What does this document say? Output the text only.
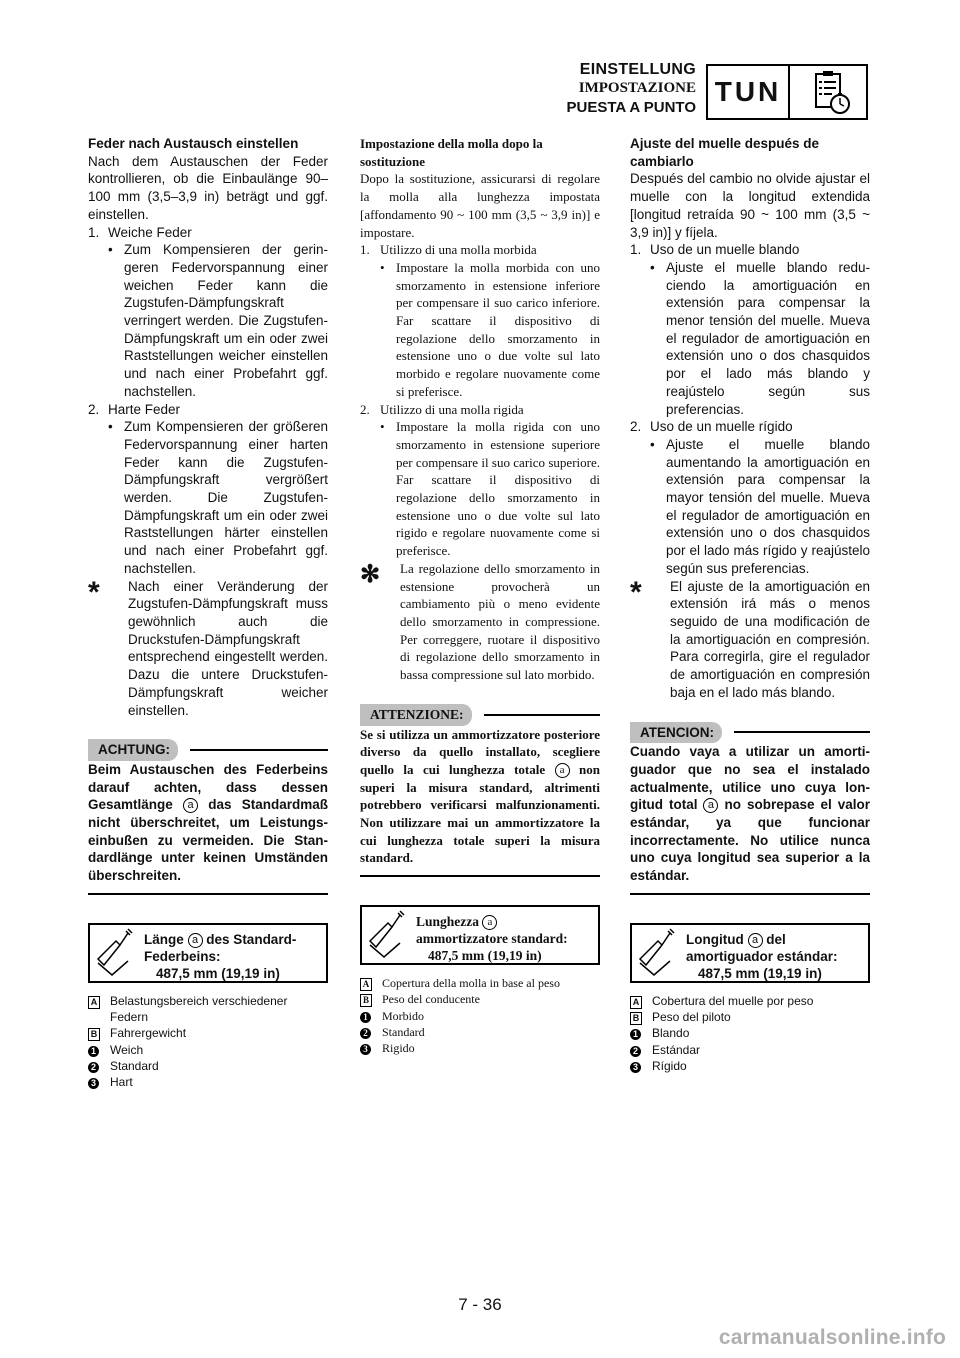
EINSTELLUNG
IMPOSTAZIONE
PUESTA A PUNTO
TUN

Feder nach Austausch einstellen

Nach dem Austauschen der Feder kontrollieren, ob die Einbaulänge 90–100 mm (3,5–3,9 in) beträgt und ggf. einstellen.

1. Weiche Feder
• Zum Kompensieren der geringeren Federvorspannung einer weichen Feder kann die Zugstufen-Dämpfungskraft verringert werden. Die Zugstufen-Dämpfungskraft um ein oder zwei Raststellungen weicher einstellen und nach einer Probefahrt ggf. nachstellen.
2. Harte Feder
• Zum Kompensieren der größeren Federvorspannung einer harten Feder kann die Zugstufen-Dämpfungskraft vergrößert werden. Die Zugstufen-Dämpfungskraft um ein oder zwei Raststellungen härter einstellen und nach einer Probefahrt ggf. nachstellen.
*	Nach einer Veränderung der Zugstufen-Dämpfungskraft muss gewöhnlich auch die Druckstufen-Dämpfungskraft entsprechend eingestellt werden. Dazu die untere Druckstufen-Dämpfungskraft weicher einstellen.
ACHTUNG:

Beim Austauschen des Federbeins darauf achten, dass dessen Gesamtlänge a das Standardmaß nicht überschreitet, um Leistungseinbußen zu vermeiden. Die Standardlänge unter keinen Umständen überschreiten.

Länge a des Standard-
Federbeins:
487,5 mm (19,19 in)
A	Belastungsbereich verschiedener Federn
B	Fahrergewicht
1	Weich
2	Standard
3	Hart

Impostazione della molla dopo la sostituzione

Dopo la sostituzione, assicurarsi di regolare la molla alla lunghezza impostata [affondamento 90 ~ 100 mm (3,5 ~ 3,9 in)] e impostare.

1. Utilizzo di una molla morbida
• Impostare la molla morbida con uno smorzamento in estensione inferiore per compensare il suo carico inferiore. Far scattare il dispositivo di regolazione dello smorzamento in estensione uno o due volte sul lato morbido e regolare nuovamente come si preferisce.
2. Utilizzo di una molla rigida
• Impostare la molla rigida con uno smorzamento in estensione superiore per compensare il suo carico superiore. Far scattare il dispositivo di regolazione dello smorzamento in estensione uno o due volte sul lato rigido e regolare nuovamente come si preferisce.
✻	La regolazione dello smorzamento in estensione provocherà un cambiamento più o meno evidente dello smorzamento in compressione. Per correggere, ruotare il dispositivo di regolazione dello smorzamento in bassa compressione sul lato morbido.
ATTENZIONE:

Se si utilizza un ammortizzatore posteriore diverso da quello installato, scegliere quello la cui lunghezza totale a non superi la misura standard, altrimenti potrebbero verificarsi malfunzionamenti. Non utilizzare mai un ammortizzatore la cui lunghezza totale superi la misura standard.

Lunghezza a
ammortizzatore standard:
487,5 mm (19,19 in)
A	Copertura della molla in base al peso
B	Peso del conducente
1	Morbido
2	Standard
3	Rigido

Ajuste del muelle después de cambiarlo

Después del cambio no olvide ajustar el muelle con la longitud extendida [longitud retraída 90 ~ 100 mm (3,5 ~ 3,9 in)] y fíjela.

1. Uso de un muelle blando
• Ajuste el muelle blando reduciendo la amortiguación en extensión para compensar la menor tensión del muelle. Mueva el regulador de amortiguación en extensión uno o dos chasquidos por el lado más blando y reajústelo según sus preferencias.
2. Uso de un muelle rígido
• Ajuste el muelle blando aumentando la amortiguación en extensión para compensar la mayor tensión del muelle. Mueva el regulador de amortiguación en extensión uno o dos chasquidos por el lado más rígido y reajústelo según sus preferencias.
*	El ajuste de la amortiguación en extensión irá más o menos seguido de una modificación de la amortiguación en compresión. Para corregirla, gire el regulador de amortiguación en compresión baja en el lado más blando.
ATENCION:

Cuando vaya a utilizar un amortiguador que no sea el instalado actualmente, utilice uno cuya longitud total a no sobrepase el valor estándar, ya que funcionar incorrectamente. No utilice nunca uno cuya longitud sea superior a la estándar.

Longitud a del
amortiguador estándar:
487,5 mm (19,19 in)
A	Cobertura del muelle por peso
B	Peso del piloto
1	Blando
2	Estándar
3	Rígido
7 - 36
carmanualsonline.info
